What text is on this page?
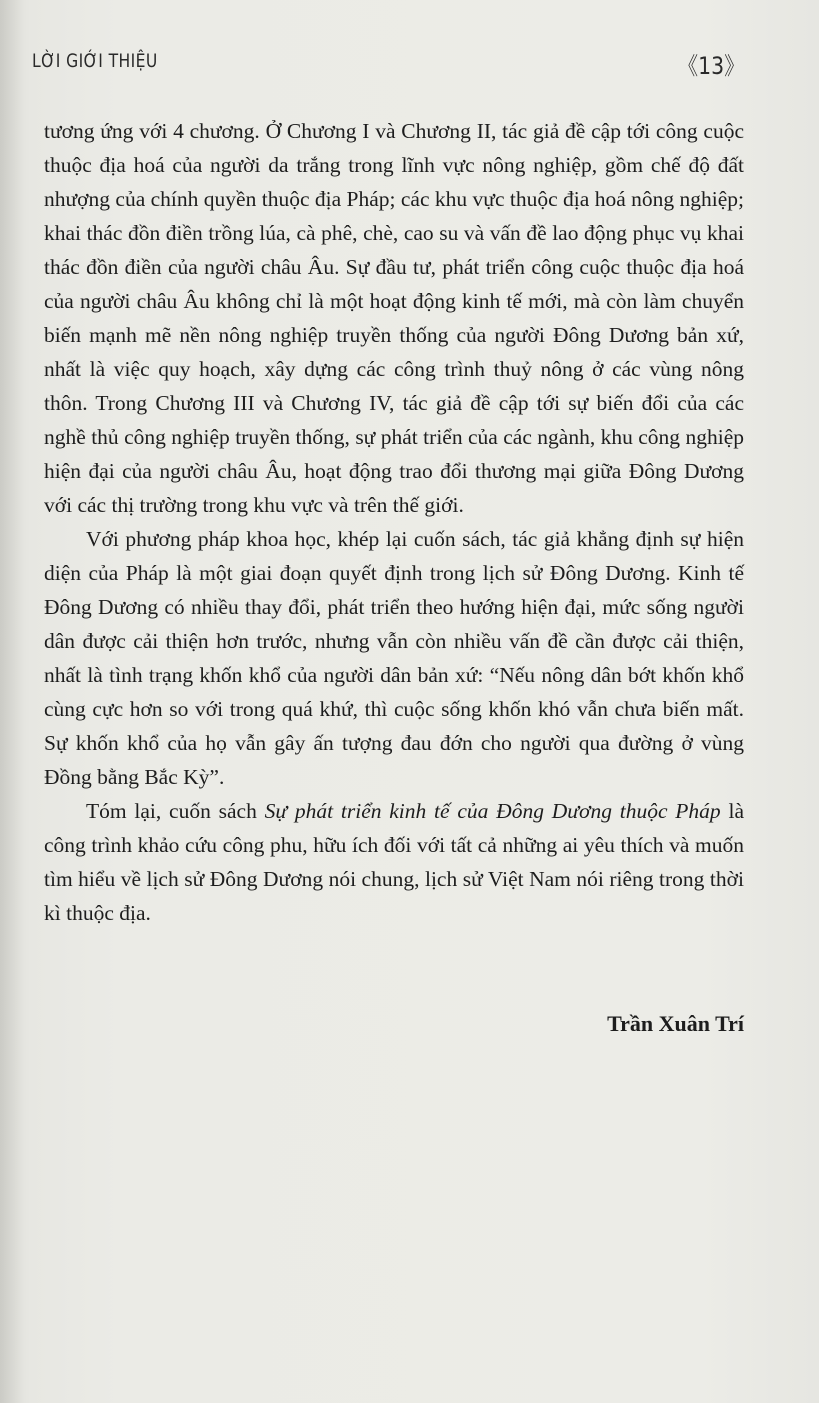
LỜI GIỚI THIỆU	《13》

tương ứng với 4 chương. Ở Chương I và Chương II, tác giả đề cập tới công cuộc thuộc địa hoá của người da trắng trong lĩnh vực nông nghiệp, gồm chế độ đất nhượng của chính quyền thuộc địa Pháp; các khu vực thuộc địa hoá nông nghiệp; khai thác đồn điền trồng lúa, cà phê, chè, cao su và vấn đề lao động phục vụ khai thác đồn điền của người châu Âu. Sự đầu tư, phát triển công cuộc thuộc địa hoá của người châu Âu không chỉ là một hoạt động kinh tế mới, mà còn làm chuyển biến mạnh mẽ nền nông nghiệp truyền thống của người Đông Dương bản xứ, nhất là việc quy hoạch, xây dựng các công trình thuỷ nông ở các vùng nông thôn. Trong Chương III và Chương IV, tác giả đề cập tới sự biến đổi của các nghề thủ công nghiệp truyền thống, sự phát triển của các ngành, khu công nghiệp hiện đại của người châu Âu, hoạt động trao đổi thương mại giữa Đông Dương với các thị trường trong khu vực và trên thế giới.

Với phương pháp khoa học, khép lại cuốn sách, tác giả khẳng định sự hiện diện của Pháp là một giai đoạn quyết định trong lịch sử Đông Dương. Kinh tế Đông Dương có nhiều thay đổi, phát triển theo hướng hiện đại, mức sống người dân được cải thiện hơn trước, nhưng vẫn còn nhiều vấn đề cần được cải thiện, nhất là tình trạng khốn khổ của người dân bản xứ: “Nếu nông dân bớt khốn khổ cùng cực hơn so với trong quá khứ, thì cuộc sống khốn khó vẫn chưa biến mất. Sự khốn khổ của họ vẫn gây ấn tượng đau đớn cho người qua đường ở vùng Đồng bằng Bắc Kỳ”.

Tóm lại, cuốn sách Sự phát triển kinh tế của Đông Dương thuộc Pháp là công trình khảo cứu công phu, hữu ích đối với tất cả những ai yêu thích và muốn tìm hiểu về lịch sử Đông Dương nói chung, lịch sử Việt Nam nói riêng trong thời kì thuộc địa.

Trần Xuân Trí
